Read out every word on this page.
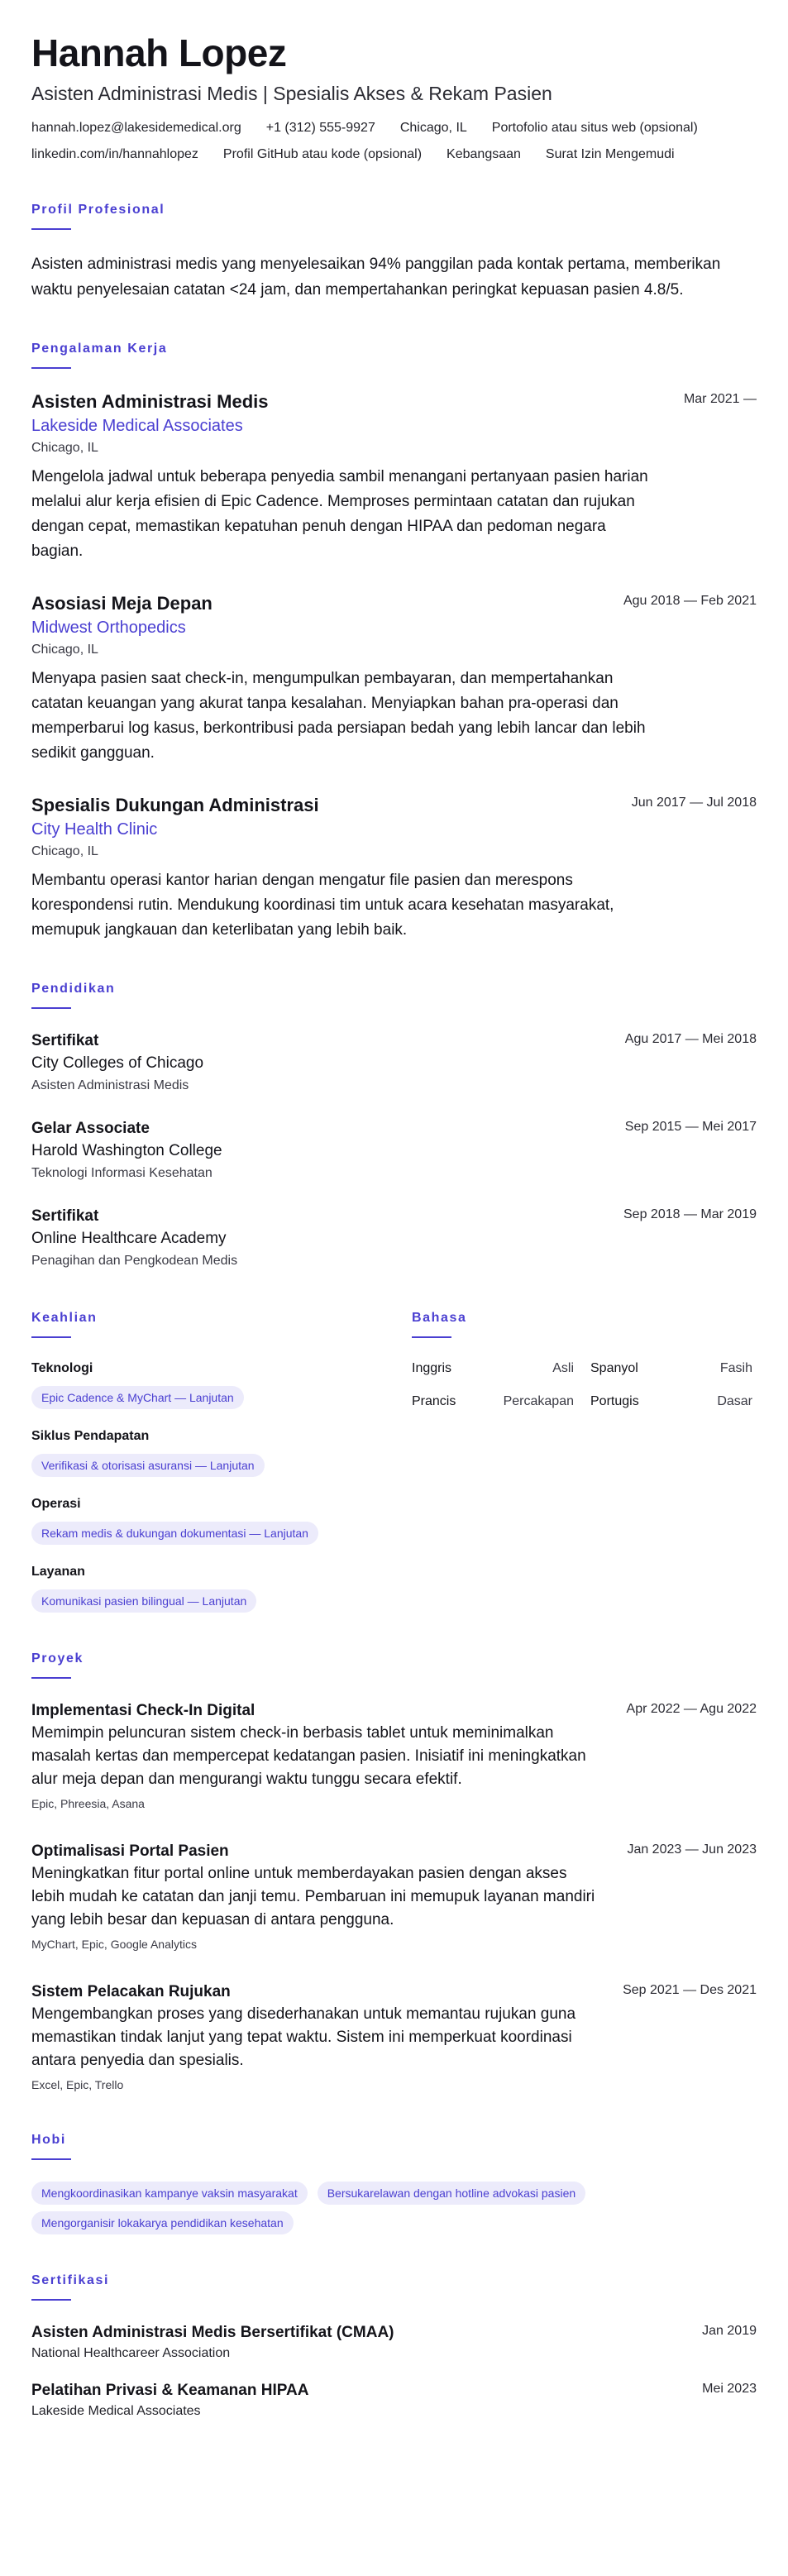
Hannah Lopez
Asisten Administrasi Medis | Spesialis Akses & Rekam Pasien
hannah.lopez@lakesidemedical.org +1 (312) 555-9927 Chicago, IL Portofolio atau situs web (opsional)
linkedin.com/in/hannahlopez Profil GitHub atau kode (opsional) Kebangsaan Surat Izin Mengemudi
Profil Profesional
Asisten administrasi medis yang menyelesaikan 94% panggilan pada kontak pertama, memberikan waktu penyelesaian catatan <24 jam, dan mempertahankan peringkat kepuasan pasien 4.8/5.
Pengalaman Kerja
Mar 2021 —
Asisten Administrasi Medis
Lakeside Medical Associates
Chicago, IL
Mengelola jadwal untuk beberapa penyedia sambil menangani pertanyaan pasien harian melalui alur kerja efisien di Epic Cadence. Memproses permintaan catatan dan rujukan dengan cepat, memastikan kepatuhan penuh dengan HIPAA dan pedoman negara bagian.
Agu 2018 — Feb 2021
Asosiasi Meja Depan
Midwest Orthopedics
Chicago, IL
Menyapa pasien saat check-in, mengumpulkan pembayaran, dan mempertahankan catatan keuangan yang akurat tanpa kesalahan. Menyiapkan bahan pra-operasi dan memperbarui log kasus, berkontribusi pada persiapan bedah yang lebih lancar dan lebih sedikit gangguan.
Jun 2017 — Jul 2018
Spesialis Dukungan Administrasi
City Health Clinic
Chicago, IL
Membantu operasi kantor harian dengan mengatur file pasien dan merespons korespondensi rutin. Mendukung koordinasi tim untuk acara kesehatan masyarakat, memupuk jangkauan dan keterlibatan yang lebih baik.
Pendidikan
Agu 2017 — Mei 2018
Sertifikat
City Colleges of Chicago
Asisten Administrasi Medis
Sep 2015 — Mei 2017
Gelar Associate
Harold Washington College
Teknologi Informasi Kesehatan
Sep 2018 — Mar 2019
Sertifikat
Online Healthcare Academy
Penagihan dan Pengkodean Medis
Keahlian
Teknologi
Epic Cadence & MyChart — Lanjutan
Siklus Pendapatan
Verifikasi & otorisasi asuransi — Lanjutan
Operasi
Rekam medis & dukungan dokumentasi — Lanjutan
Layanan
Komunikasi pasien bilingual — Lanjutan
Bahasa
Inggris	Asli Spanyol	Fasih
Prancis	Percakapan Portugis	Dasar
Proyek
Apr 2022 — Agu 2022
Implementasi Check-In Digital
Memimpin peluncuran sistem check-in berbasis tablet untuk meminimalkan masalah kertas dan mempercepat kedatangan pasien. Inisiatif ini meningkatkan alur meja depan dan mengurangi waktu tunggu secara efektif.
Epic, Phreesia, Asana
Jan 2023 — Jun 2023
Optimalisasi Portal Pasien
Meningkatkan fitur portal online untuk memberdayakan pasien dengan akses lebih mudah ke catatan dan janji temu. Pembaruan ini memupuk layanan mandiri yang lebih besar dan kepuasan di antara pengguna.
MyChart, Epic, Google Analytics
Sep 2021 — Des 2021
Sistem Pelacakan Rujukan
Mengembangkan proses yang disederhanakan untuk memantau rujukan guna memastikan tindak lanjut yang tepat waktu. Sistem ini memperkuat koordinasi antara penyedia dan spesialis.
Excel, Epic, Trello
Hobi
Mengkoordinasikan kampanye vaksin masyarakat	Bersukarelawan dengan hotline advokasi pasien
Mengorganisir lokakarya pendidikan kesehatan
Sertifikasi
Jan 2019
Asisten Administrasi Medis Bersertifikat (CMAA)
National Healthcareer Association
Mei 2023
Pelatihan Privasi & Keamanan HIPAA
Lakeside Medical Associates
